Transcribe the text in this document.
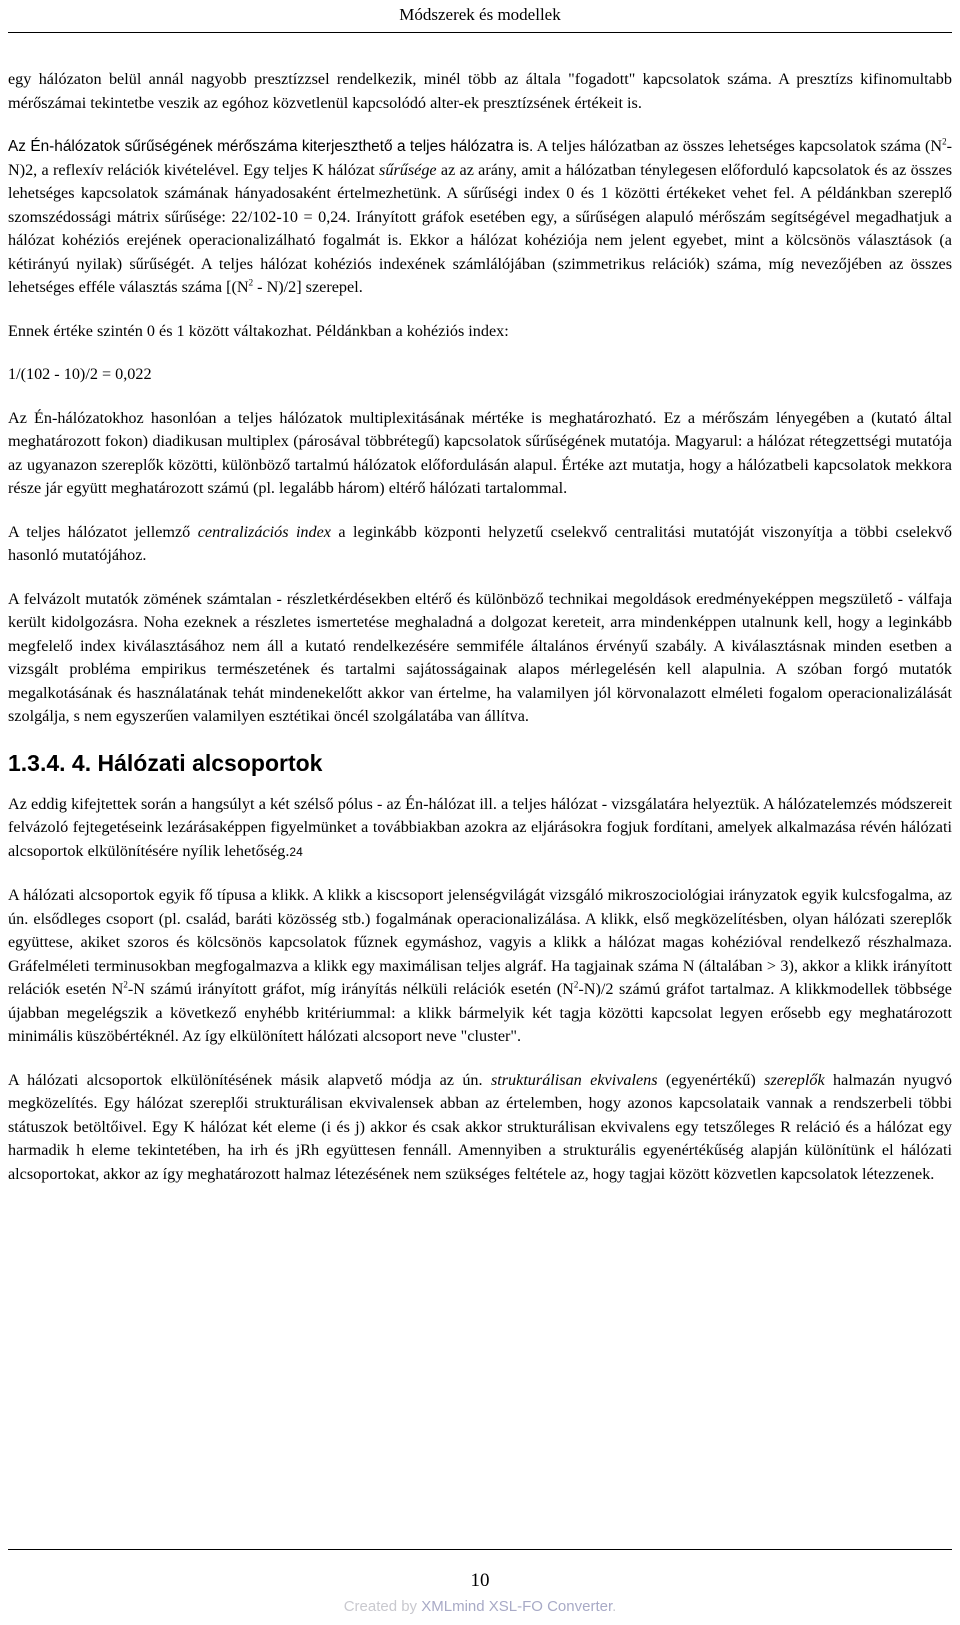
Módszerek és modellek

egy hálózaton belül annál nagyobb presztízzsel rendelkezik, minél több az általa "fogadott" kapcsolatok száma. A presztízs kifinomultabb mérőszámai tekintetbe veszik az egóhoz közvetlenül kapcsolódó alter-ek presztízsének értékeit is.

Az Én-hálózatok sűrűségének mérőszáma kiterjeszthető a teljes hálózatra is. A teljes hálózatban az összes lehetséges kapcsolatok száma $(N^2-N)2$, a reflexív relációk kivételével. Egy teljes K hálózat sűrűsége az az arány, amit a hálózatban ténylegesen előforduló kapcsolatok és az összes lehetséges kapcsolatok számának hányadosaként értelmezhetünk. A sűrűségi index 0 és 1 közötti értékeket vehet fel. A példánkban szereplő szomszédossági mátrix sűrűsége: 22/102-10 = 0,24. Irányított gráfok esetében egy, a sűrűségen alapuló mérőszám segítségével megadhatjuk a hálózat kohéziós erejének operacionalizálható fogalmát is. Ekkor a hálózat kohéziója nem jelent egyebet, mint a kölcsönös választások (a kétirányú nyilak) sűrűségét. A teljes hálózat kohéziós indexének számlálójában (szimmetrikus relációk) száma, míg nevezőjében az összes lehetséges efféle választás száma $[(N^2 - N)/2]$ szerepel.

Ennek értéke szintén 0 és 1 között váltakozhat. Példánkban a kohéziós index:

1/(102 - 10)/2 = 0,022

Az Én-hálózatokhoz hasonlóan a teljes hálózatok multiplexitásának mértéke is meghatározható. Ez a mérőszám lényegében a (kutató által meghatározott fokon) diadikusan multiplex (párosával többrétegű) kapcsolatok sűrűségének mutatója. Magyarul: a hálózat rétegzettségi mutatója az ugyanazon szereplők közötti, különböző tartalmú hálózatok előfordulásán alapul. Értéke azt mutatja, hogy a hálózatbeli kapcsolatok mekkora része jár együtt meghatározott számú (pl. legalább három) eltérő hálózati tartalommal.

A teljes hálózatot jellemző centralizációs index a leginkább központi helyzetű cselekvő centralitási mutatóját viszonyítja a többi cselekvő hasonló mutatójához.

A felvázolt mutatók zömének számtalan - részletkérdésekben eltérő és különböző technikai megoldások eredményeképpen megszülető - válfaja került kidolgozásra. Noha ezeknek a részletes ismertetése meghaladná a dolgozat kereteit, arra mindenképpen utalnunk kell, hogy a leginkább megfelelő index kiválasztásához nem áll a kutató rendelkezésére semmiféle általános érvényű szabály. A kiválasztásnak minden esetben a vizsgált probléma empirikus természetének és tartalmi sajátosságainak alapos mérlegelésén kell alapulnia. A szóban forgó mutatók megalkotásának és használatának tehát mindenekelőtt akkor van értelme, ha valamilyen jól körvonalazott elméleti fogalom operacionalizálását szolgálja, s nem egyszerűen valamilyen esztétikai öncél szolgálatába van állítva.

1.3.4. 4. Hálózati alcsoportok

Az eddig kifejtettek során a hangsúlyt a két szélső pólus - az Én-hálózat ill. a teljes hálózat - vizsgálatára helyeztük. A hálózatelemzés módszereit felvázoló fejtegetéseink lezárásaképpen figyelmünket a továbbiakban azokra az eljárásokra fogjuk fordítani, amelyek alkalmazása révén hálózati alcsoportok elkülönítésére nyílik lehetőség.24

A hálózati alcsoportok egyik fő típusa a klikk. A klikk a kiscsoport jelenségvilágát vizsgáló mikroszociológiai irányzatok egyik kulcsfogalma, az ún. elsődleges csoport (pl. család, baráti közösség stb.) fogalmának operacionalizálása. A klikk, első megközelítésben, olyan hálózati szereplők együttese, akiket szoros és kölcsönös kapcsolatok fűznek egymáshoz, vagyis a klikk a hálózat magas kohézióval rendelkező részhalmaza. Gráfelméleti terminusokban megfogalmazva a klikk egy maximálisan teljes algráf. Ha tagjainak száma N (általában > 3), akkor a klikk irányított relációk esetén $N^2-N$ számú irányított gráfot, míg irányítás nélküli relációk esetén $(N^2-N)/2$ számú gráfot tartalmaz. A klikkmodellek többsége újabban megelégszik a következő enyhébb kritériummal: a klikk bármelyik két tagja közötti kapcsolat legyen erősebb egy meghatározott minimális küszöbértéknél. Az így elkülönített hálózati alcsoport neve "cluster".

A hálózati alcsoportok elkülönítésének másik alapvető módja az ún. strukturálisan ekvivalens (egyenértékű) szereplők halmazán nyugvó megközelítés. Egy hálózat szereplői strukturálisan ekvivalensek abban az értelemben, hogy azonos kapcsolataik vannak a rendszerbeli többi státuszok betöltőivel. Egy K hálózat két eleme (i és j) akkor és csak akkor strukturálisan ekvivalens egy tetszőleges R reláció és a hálózat egy harmadik h eleme tekintetében, ha irh és jRh együttesen fennáll. Amennyiben a strukturális egyenértékűség alapján különítünk el hálózati alcsoportokat, akkor az így meghatározott halmaz létezésének nem szükséges feltétele az, hogy tagjai között közvetlen kapcsolatok létezzenek.

10
Created by XMLmind XSL-FO Converter.
